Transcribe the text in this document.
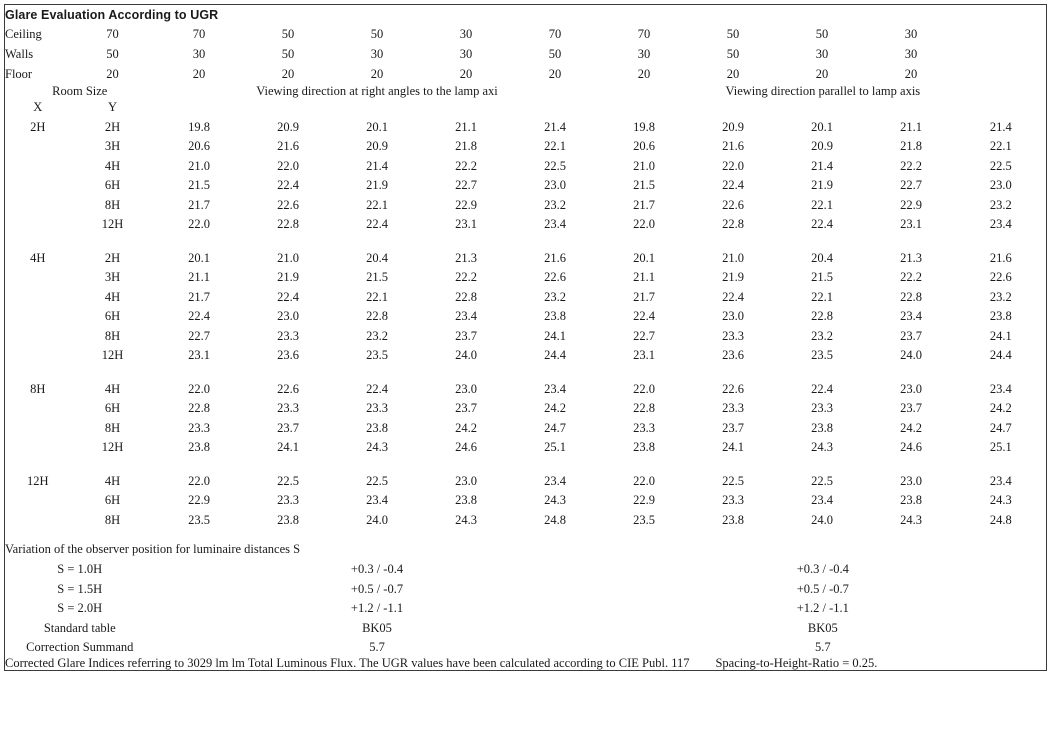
Glare Evaluation According to UGR											
Ceiling	70	70	50	50	30	70	70	50	50	30	
Walls	50	30	50	30	30	50	30	50	30	30	
Floor	20	20	20	20	20	20	20	20	20	20	
Room Size		Viewing direction at right angles to the lamp axi					Viewing direction parallel to lamp axis				
X	Y										
2H	2H	19.8	20.9	20.1	21.1	21.4	19.8	20.9	20.1	21.1	21.4
	3H	20.6	21.6	20.9	21.8	22.1	20.6	21.6	20.9	21.8	22.1
	4H	21.0	22.0	21.4	22.2	22.5	21.0	22.0	21.4	22.2	22.5
	6H	21.5	22.4	21.9	22.7	23.0	21.5	22.4	21.9	22.7	23.0
	8H	21.7	22.6	22.1	22.9	23.2	21.7	22.6	22.1	22.9	23.2
	12H	22.0	22.8	22.4	23.1	23.4	22.0	22.8	22.4	23.1	23.4

4H	2H	20.1	21.0	20.4	21.3	21.6	20.1	21.0	20.4	21.3	21.6
	3H	21.1	21.9	21.5	22.2	22.6	21.1	21.9	21.5	22.2	22.6
	4H	21.7	22.4	22.1	22.8	23.2	21.7	22.4	22.1	22.8	23.2
	6H	22.4	23.0	22.8	23.4	23.8	22.4	23.0	22.8	23.4	23.8
	8H	22.7	23.3	23.2	23.7	24.1	22.7	23.3	23.2	23.7	24.1
	12H	23.1	23.6	23.5	24.0	24.4	23.1	23.6	23.5	24.0	24.4

8H	4H	22.0	22.6	22.4	23.0	23.4	22.0	22.6	22.4	23.0	23.4
	6H	22.8	23.3	23.3	23.7	24.2	22.8	23.3	23.3	23.7	24.2
	8H	23.3	23.7	23.8	24.2	24.7	23.3	23.7	23.8	24.2	24.7
	12H	23.8	24.1	24.3	24.6	25.1	23.8	24.1	24.3	24.6	25.1

12H	4H	22.0	22.5	22.5	23.0	23.4	22.0	22.5	22.5	23.0	23.4
	6H	22.9	23.3	23.4	23.8	24.3	22.9	23.3	23.4	23.8	24.3
	8H	23.5	23.8	24.0	24.3	24.8	23.5	23.8	24.0	24.3	24.8

Variation of the observer position for luminaire distances S											
S = 1.0H		+0.3 / -0.4					+0.3 / -0.4				
S = 1.5H		+0.5 / -0.7					+0.5 / -0.7				
S = 2.0H		+1.2 / -1.1					+1.2 / -1.1				
Standard table		BK05					BK05				
Correction Summand		5.7					5.7				
Corrected Glare Indices referring to 3029 lm lm Total Luminous Flux. The UGR values have been calculated according to CIE Publ. 117 Spacing-to-Height-Ratio = 0.25.											
